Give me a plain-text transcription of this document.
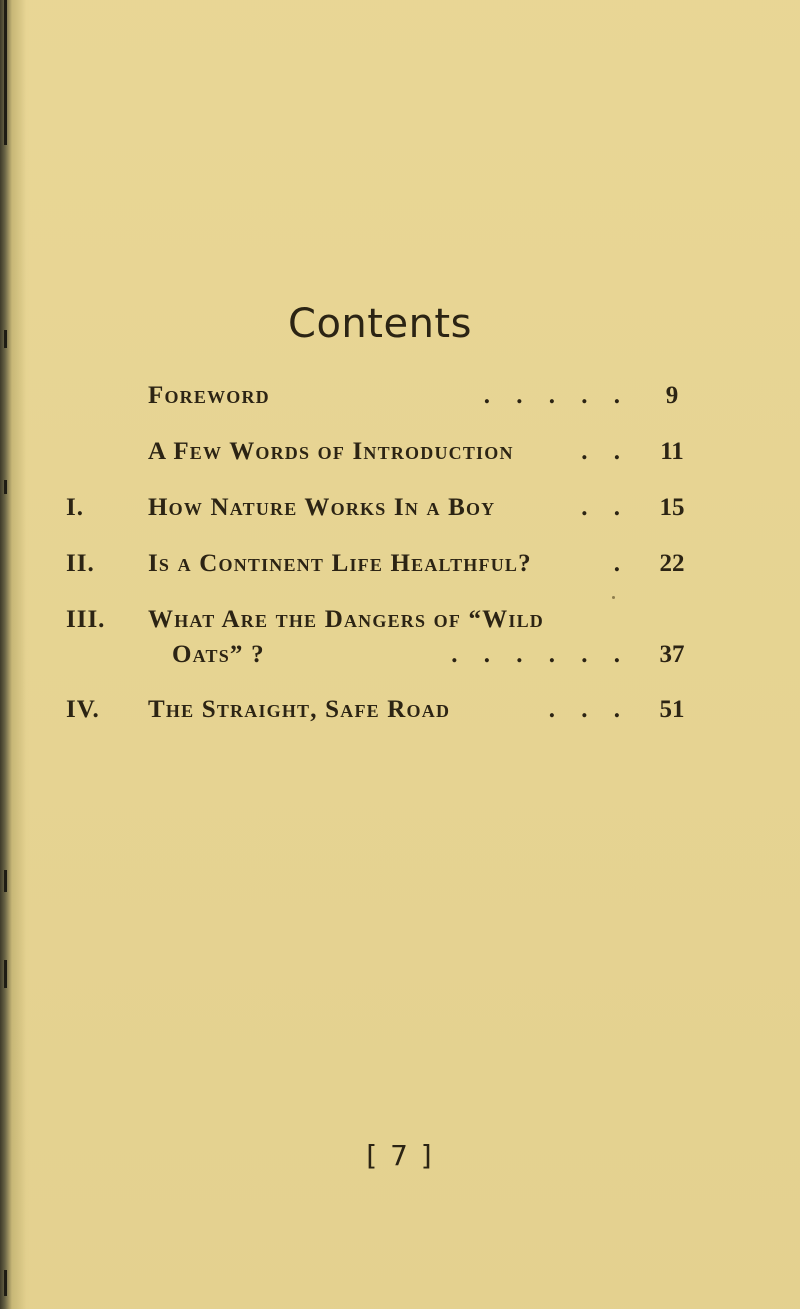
Contents
Foreword	. . . . .	9
A Few Words of Introduction	. .	11
I.	How Nature Works In a Boy	. .	15
II.	Is a Continent Life Healthful?	.	22
III.	What Are the Dangers of “Wild
Oats” ?	. . . . . .	37
IV.	The Straight, Safe Road	. . .	51
[ 7 ]
